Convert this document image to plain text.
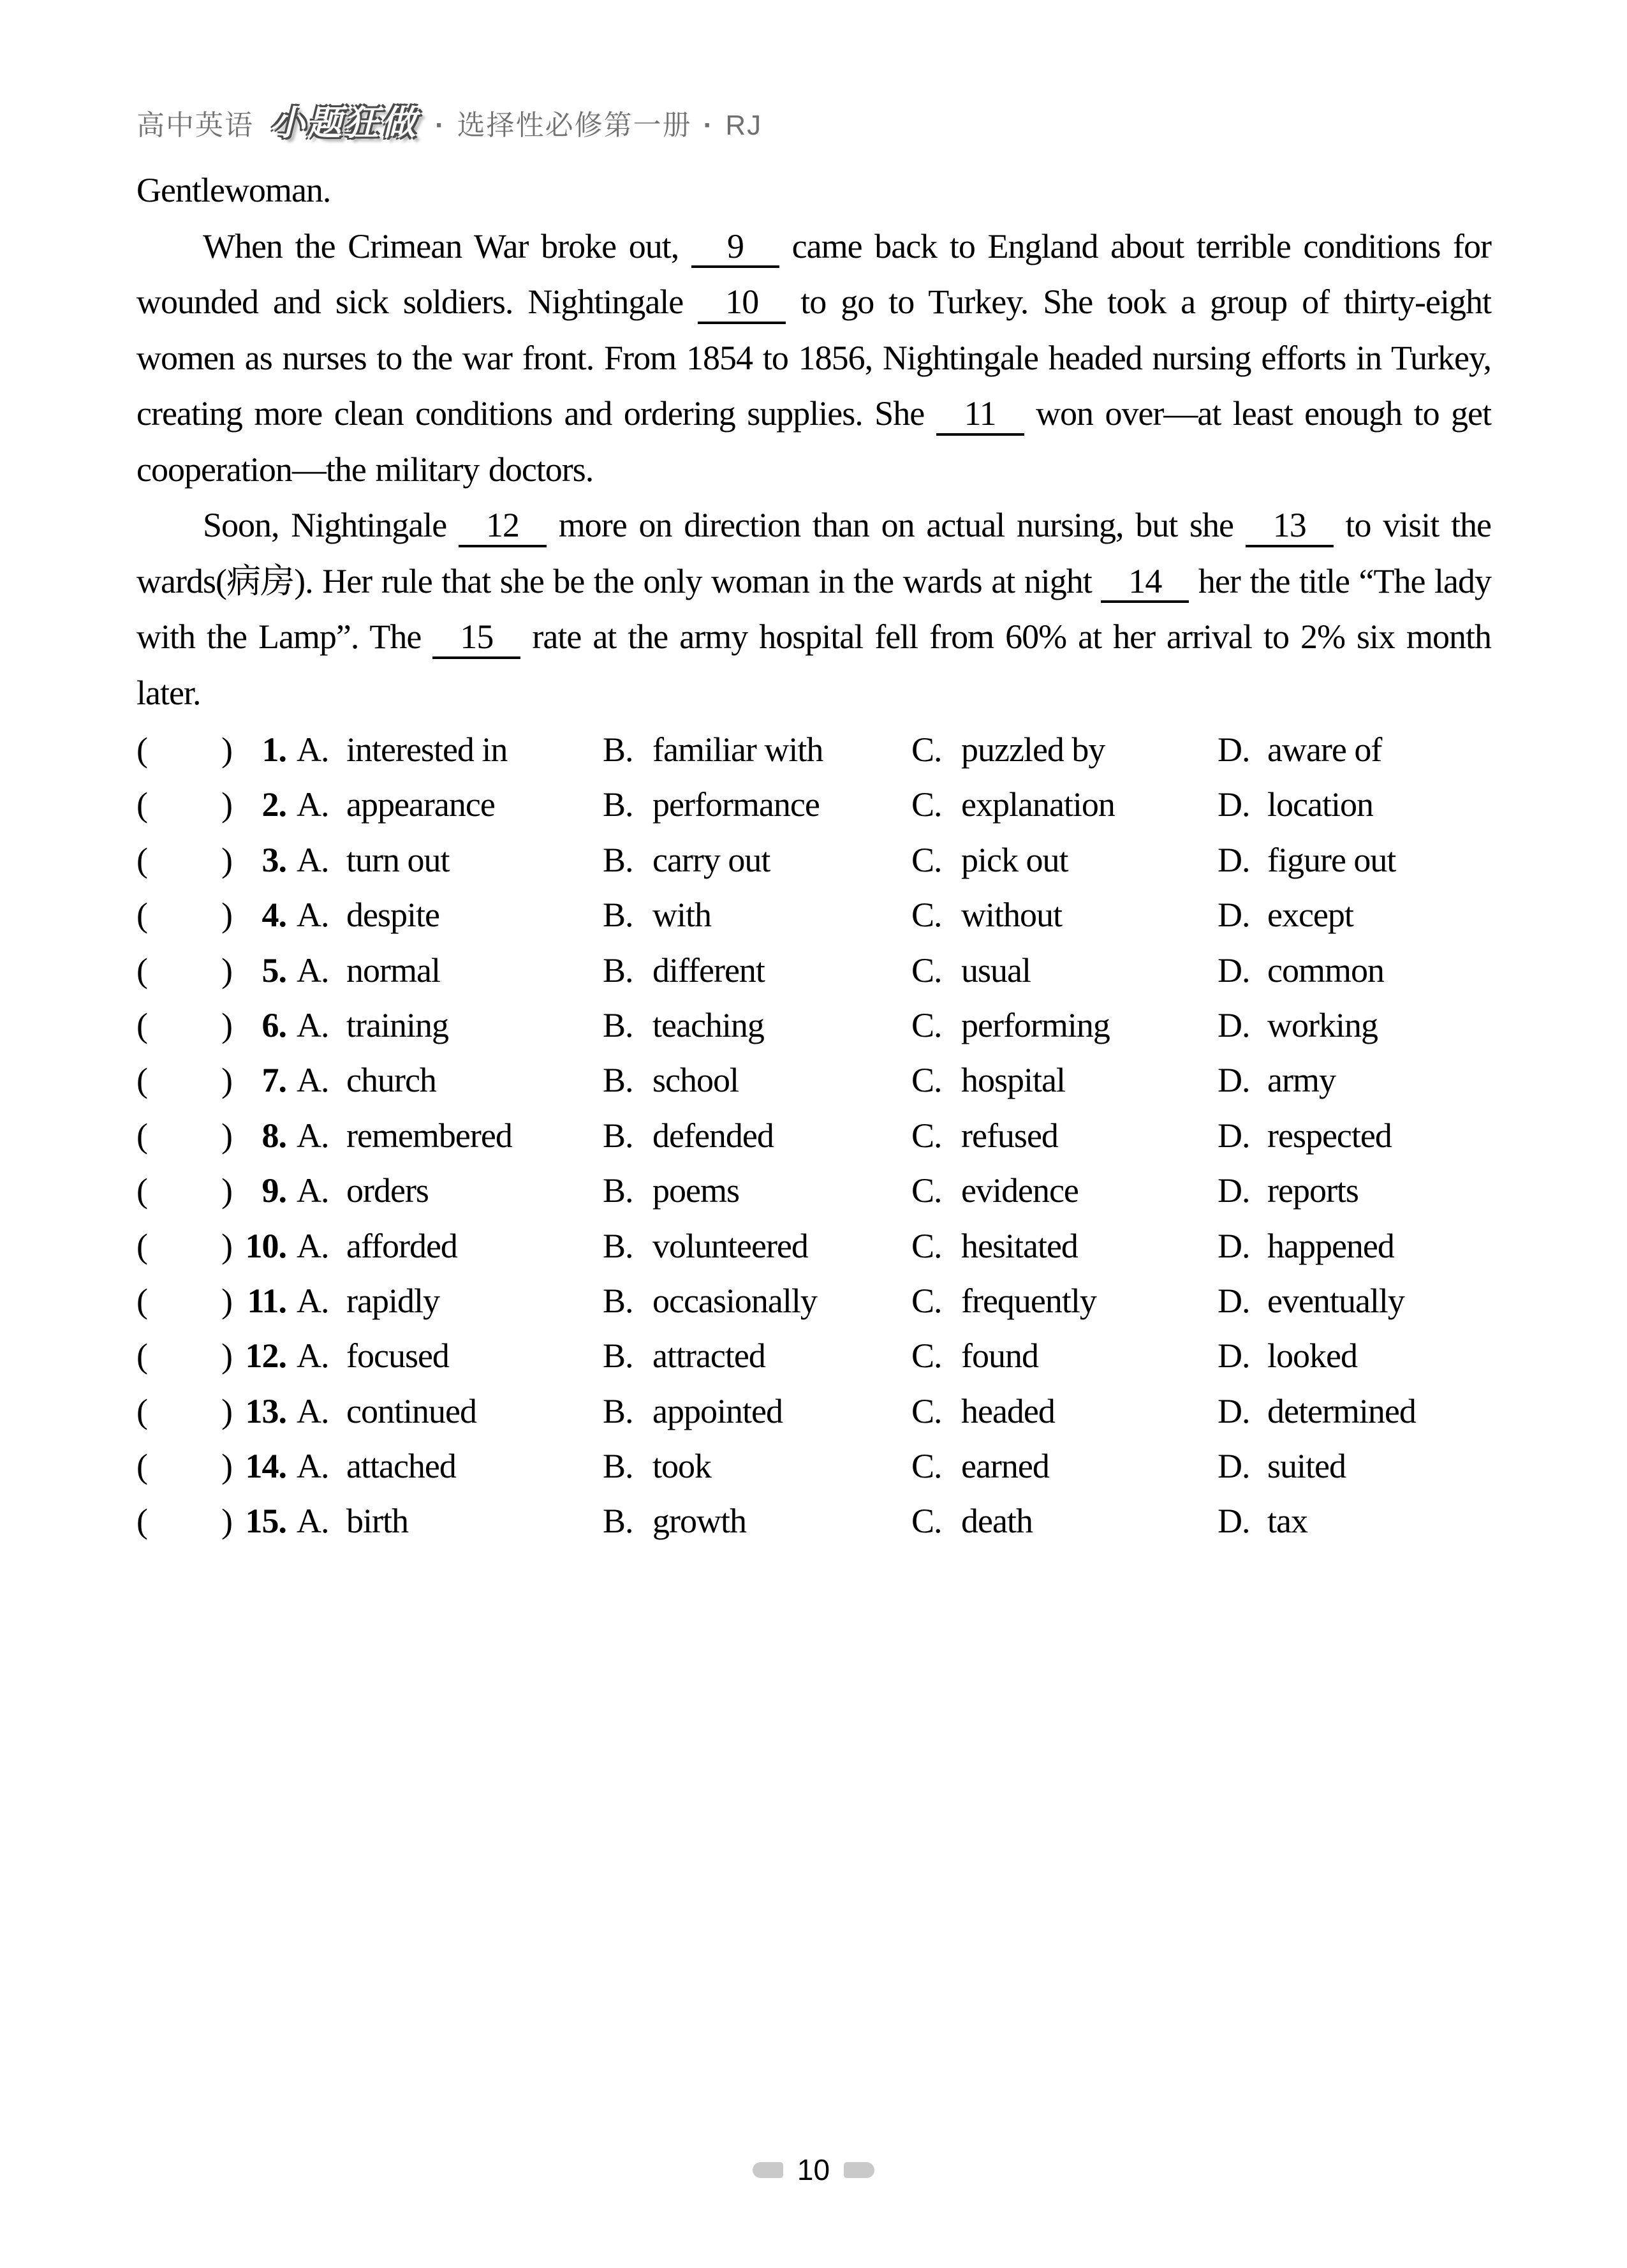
高中英语 小题狂做 · 选择性必修第一册 · RJ

Gentlewoman.

When the Crimean War broke out, 9 came back to England about terrible conditions for wounded and sick soldiers. Nightingale 10 to go to Turkey. She took a group of thirty-eight women as nurses to the war front. From 1854 to 1856, Nightingale headed nursing efforts in Turkey, creating more clean conditions and ordering supplies. She 11 won over—at least enough to get cooperation—the military doctors.

Soon, Nightingale 12 more on direction than on actual nursing, but she 13 to visit the wards(病房). Her rule that she be the only woman in the wards at night 14 her the title “The lady with the Lamp”. The 15 rate at the army hospital fell from 60% at her arrival to 2% six month later.

( ) 1. A. interested in	B. familiar with	C. puzzled by	D. aware of
( ) 2. A. appearance	B. performance	C. explanation	D. location
( ) 3. A. turn out	B. carry out	C. pick out	D. figure out
( ) 4. A. despite	B. with	C. without	D. except
( ) 5. A. normal	B. different	C. usual	D. common
( ) 6. A. training	B. teaching	C. performing	D. working
( ) 7. A. church	B. school	C. hospital	D. army
( ) 8. A. remembered	B. defended	C. refused	D. respected
( ) 9. A. orders	B. poems	C. evidence	D. reports
( ) 10. A. afforded	B. volunteered	C. hesitated	D. happened
( ) 11. A. rapidly	B. occasionally	C. frequently	D. eventually
( ) 12. A. focused	B. attracted	C. found	D. looked
( ) 13. A. continued	B. appointed	C. headed	D. determined
( ) 14. A. attached	B. took	C. earned	D. suited
( ) 15. A. birth	B. growth	C. death	D. tax
10
